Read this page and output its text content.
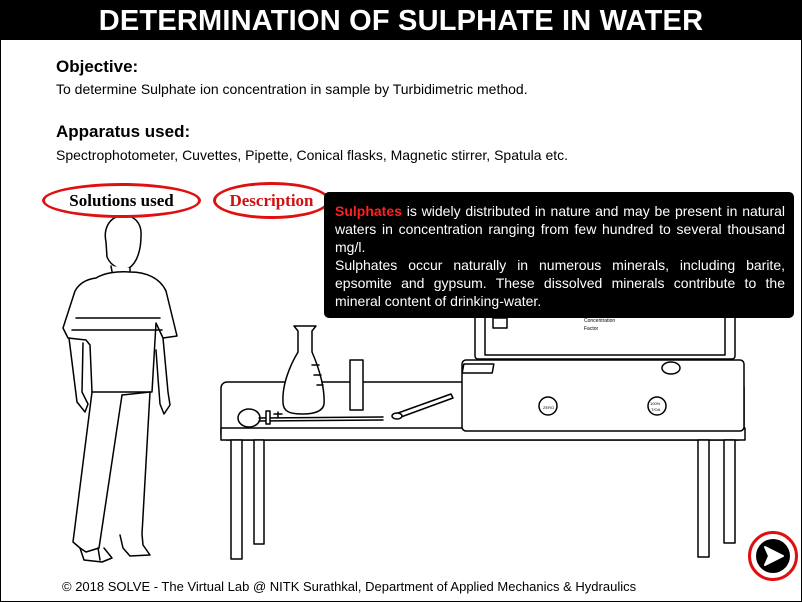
DETERMINATION OF SULPHATE IN WATER
Objective:
To determine Sulphate ion concentration in sample by Turbidimetric method.
Apparatus used:
Spectrophotometer, Cuvettes, Pipette, Conical flasks, Magnetic stirrer, Spatula etc.
Concentration
Factor
ZERO
100%
T/OA
Solutions used	Description

Sulphates is widely distributed in nature and may be present in natural waters in concentration ranging from few hundred to several thousand mg/l.

Sulphates occur naturally in numerous minerals, including barite, epsomite and gypsum. These dissolved minerals contribute to the mineral content of drinking-water.

© 2018 SOLVE - The Virtual Lab @ NITK Surathkal, Department of Applied Mechanics & Hydraulics
